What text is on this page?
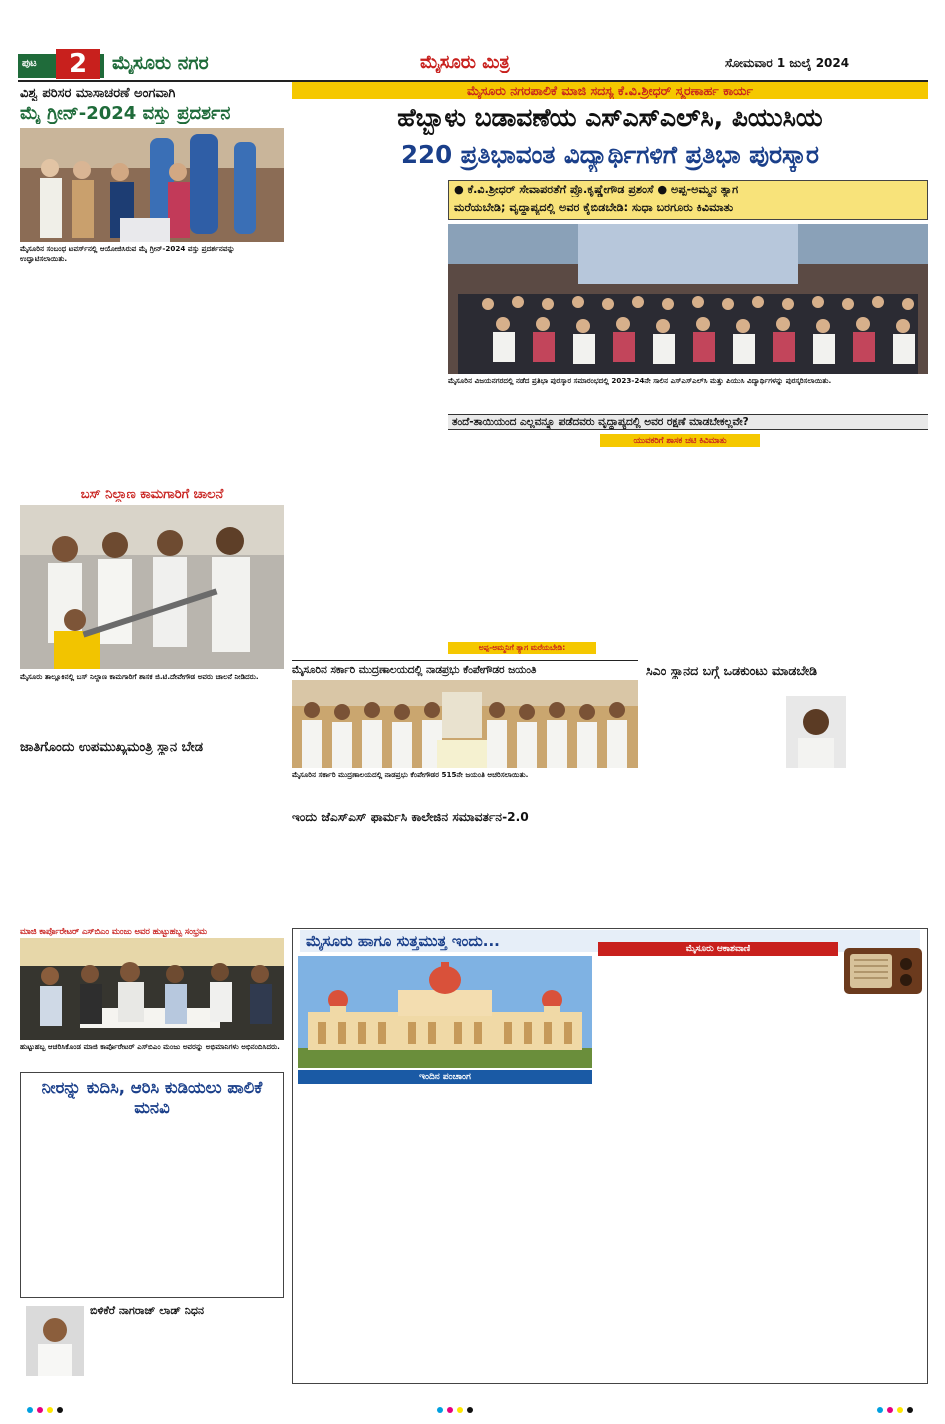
ಪುಟ	2	ಮೈಸೂರು ನಗರ	ಮೈಸೂರು ಮಿತ್ರ	ಸೋಮವಾರ 1 ಜುಲೈ 2024
ವಿಶ್ವ ಪರಿಸರ ಮಾಸಾಚರಣೆ ಅಂಗವಾಗಿ
ಮೈ ಗ್ರೀನ್-2024 ವಸ್ತು ಪ್ರದರ್ಶನ
ಮೈಸೂರಿನ ಸಂಬಂಧ ಟವರ್ಸ್‌ನಲ್ಲಿ ಆಯೋಜಿಸಿರುವ ಮೈ ಗ್ರೀನ್-2024 ವಸ್ತು ಪ್ರದರ್ಶನವನ್ನು ಉದ್ಘಾಟಿಸಲಾಯಿತು.
ಬಸ್ ನಿಲ್ದಾಣ ಕಾಮಗಾರಿಗೆ ಚಾಲನೆ
ಮೈಸೂರು ತಾಲ್ಲೂಕಿನಲ್ಲಿ ಬಸ್ ನಿಲ್ದಾಣ ಕಾಮಗಾರಿಗೆ ಶಾಸಕ ಜಿ.ಟಿ.ದೇವೇಗೌಡ ಅವರು ಚಾಲನೆ ನೀಡಿದರು.
ಜಾತಿಗೊಂದು ಉಪಮುಖ್ಯಮಂತ್ರಿ ಸ್ಥಾನ ಬೇಡ
ಮಾಜಿ ಕಾರ್ಪೊರೇಟರ್ ಎಸ್‌ಬಿಎಂ ಮಂಜು ಅವರ ಹುಟ್ಟುಹಬ್ಬ ಸಂಭ್ರಮ
ಹುಟ್ಟುಹಬ್ಬ ಆಚರಿಸಿಕೊಂಡ ಮಾಜಿ ಕಾರ್ಪೊರೇಟರ್ ಎಸ್‌ಬಿಎಂ ಮಂಜು ಅವರನ್ನು ಅಭಿಮಾನಿಗಳು ಅಭಿನಂದಿಸಿದರು.
ನೀರನ್ನು ಕುದಿಸಿ, ಆರಿಸಿ ಕುಡಿಯಲು ಪಾಲಿಕೆ ಮನವಿ
ಬಿಳಿಕೆರೆ ನಾಗರಾಜ್ ಲಾಡ್ ನಿಧನ
ಮೈಸೂರು ನಗರಪಾಲಿಕೆ ಮಾಜಿ ಸದಸ್ಯ ಕೆ.ವಿ.ಶ್ರೀಧರ್ ಸ್ಮರಣಾರ್ಹ ಕಾರ್ಯ
ಹೆಬ್ಬಾಳು ಬಡಾವಣೆಯ ಎಸ್‌ಎಸ್‌ಎಲ್‌ಸಿ, ಪಿಯುಸಿಯ
220 ಪ್ರತಿಭಾವಂತ ವಿದ್ಯಾರ್ಥಿಗಳಿಗೆ ಪ್ರತಿಭಾ ಪುರಸ್ಕಾರ
● ಕೆ.ವಿ.ಶ್ರೀಧರ್ ಸೇವಾಪರತೆಗೆ ಪ್ರೊ.ಕೃಷ್ಣೇಗೌಡ ಪ್ರಶಂಸೆ ● ಅಪ್ಪ-ಅಮ್ಮನ ತ್ಯಾಗ
ಮರೆಯಬೇಡಿ; ವೃದ್ಧಾಪ್ಯದಲ್ಲಿ ಅವರ ಕೈಬಿಡಬೇಡಿ: ಸುಧಾ ಬರಗೂರು ಕಿವಿಮಾತು
ಮೈಸೂರಿನ ವಿಜಯನಗರದಲ್ಲಿ ನಡೆದ ಪ್ರತಿಭಾ ಪುರಸ್ಕಾರ ಸಮಾರಂಭದಲ್ಲಿ 2023-24ನೇ ಸಾಲಿನ ಎಸ್‌ಎಸ್‌ಎಲ್‌ಸಿ ಮತ್ತು ಪಿಯುಸಿ ವಿದ್ಯಾರ್ಥಿಗಳನ್ನು ಪುರಸ್ಕರಿಸಲಾಯಿತು.
ತಂದೆ-ತಾಯಿಯಂದ ಎಲ್ಲವನ್ನೂ ಪಡೆದವರು ವೃದ್ಧಾಪ್ಯದಲ್ಲಿ ಅವರ ರಕ್ಷಣೆ ಮಾಡಬೇಕಲ್ಲವೇ?
ಯುವಕರಿಗೆ ಶಾಸಕ ಚಟಿ ಕಿವಿಮಾತು
ಅಪ್ಪ-ಅಮ್ಮನಿಗೆ ತ್ಯಾಗ ಮರೆಯಬೇಡಿ:
ಮೈಸೂರಿನ ಸರ್ಕಾರಿ ಮುದ್ರಣಾಲಯದಲ್ಲಿ ನಾಡಪ್ರಭು ಕೆಂಪೇಗೌಡರ ಜಯಂತಿ
ಮೈಸೂರಿನ ಸರ್ಕಾರಿ ಮುದ್ರಣಾಲಯದಲ್ಲಿ ನಾಡಪ್ರಭು ಕೆಂಪೇಗೌಡರ 515ನೇ ಜಯಂತಿ ಆಚರಿಸಲಾಯಿತು.
ಇಂದು ಜೆಎಸ್‌ಎಸ್ ಫಾರ್ಮಸಿ ಕಾಲೇಜಿನ ಸಮಾವರ್ತನ-2.0
ಸಿಎಂ ಸ್ಥಾನದ ಬಗ್ಗೆ ಒಡಕುಂಟು ಮಾಡಬೇಡಿ
ಮೈಸೂರು ಹಾಗೂ ಸುತ್ತಮುತ್ತ ಇಂದು...
ಇಂದಿನ ಪಂಚಾಂಗ
ಮೈಸೂರು ಆಕಾಶವಾಣಿ
